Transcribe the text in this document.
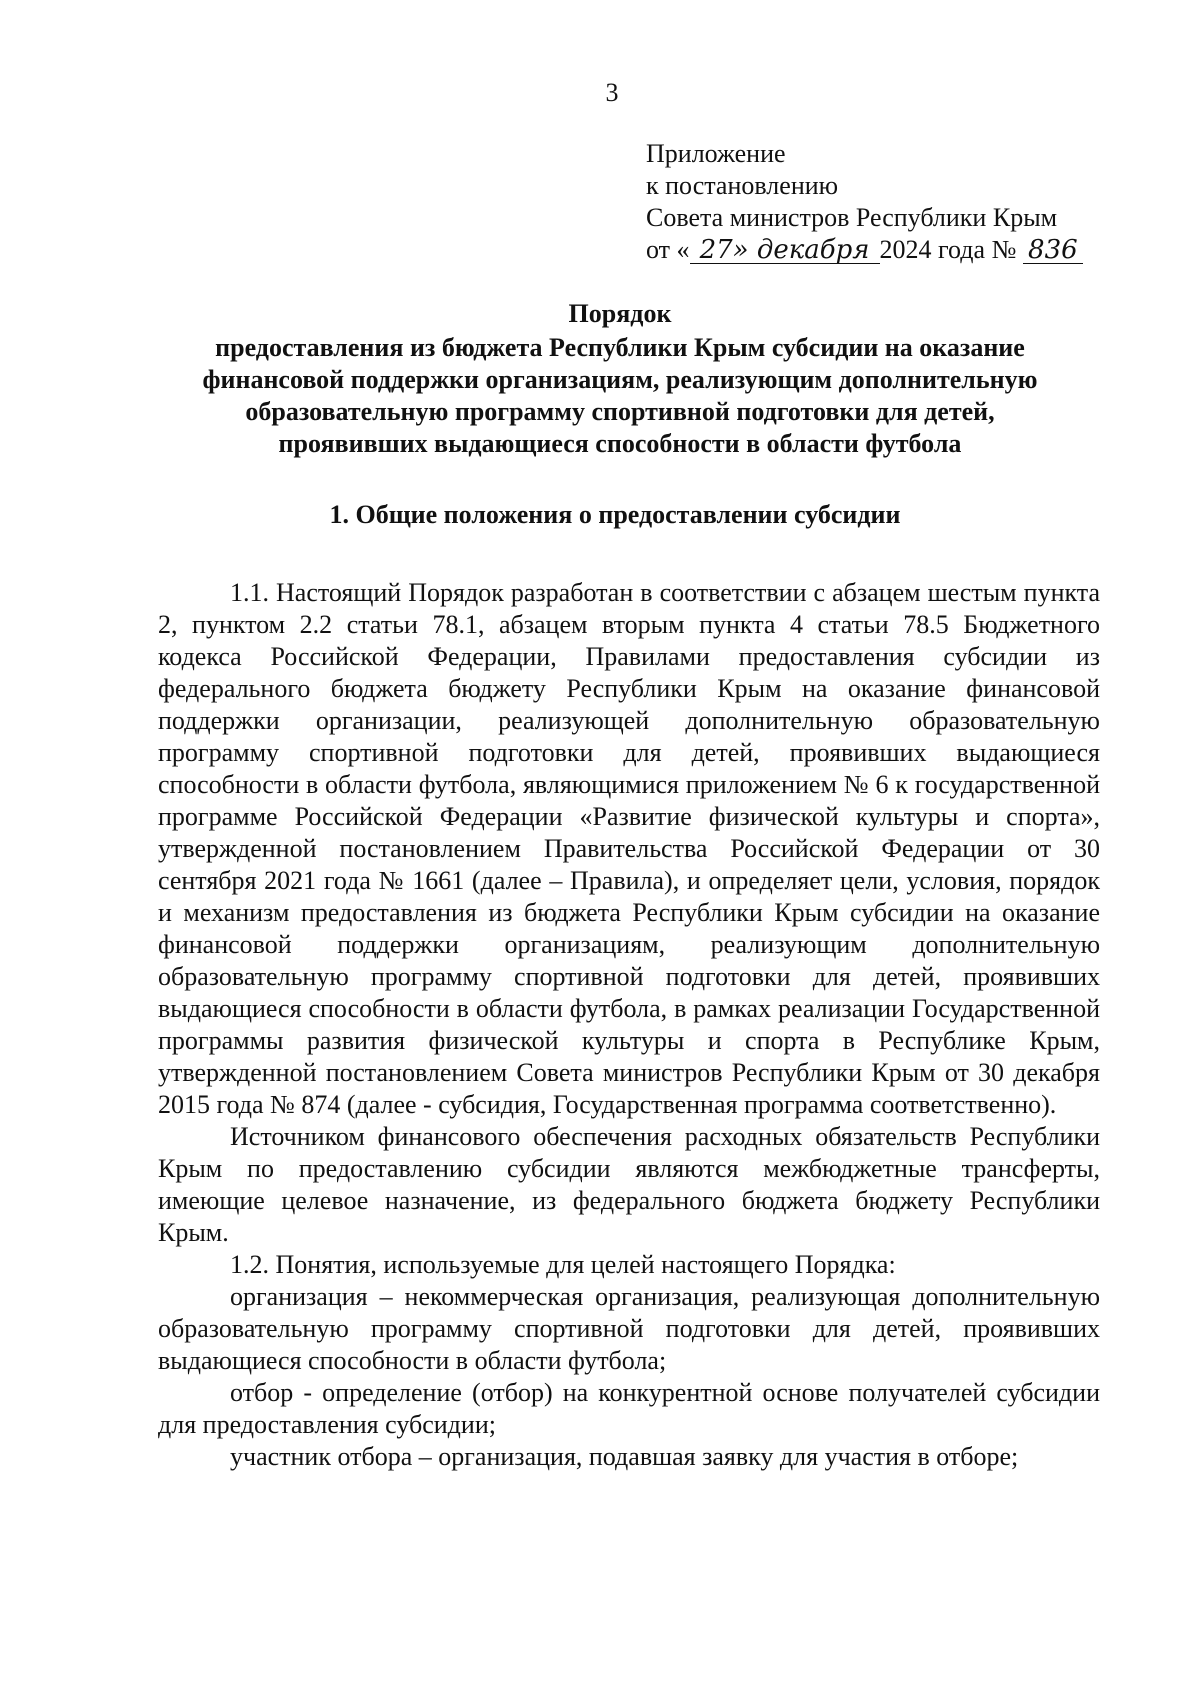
3
Приложение
к постановлению
Совета министров Республики Крым
от « 27» декабря 2024 года № 836
Порядок
предоставления из бюджета Республики Крым субсидии на оказание
финансовой поддержки организациям, реализующим дополнительную
образовательную программу спортивной подготовки для детей,
проявивших выдающиеся способности в области футбола
1. Общие положения о предоставлении субсидии

1.1. Настоящий Порядок разработан в соответствии с абзацем шестым пункта 2, пунктом 2.2 статьи 78.1, абзацем вторым пункта 4 статьи 78.5 Бюджетного кодекса Российской Федерации, Правилами предоставления субсидии из федерального бюджета бюджету Республики Крым на оказание финансовой поддержки организации, реализующей дополнительную образовательную программу спортивной подготовки для детей, проявивших выдающиеся способности в области футбола, являющимися приложением № 6 к государственной программе Российской Федерации «Развитие физической культуры и спорта», утвержденной постановлением Правительства Российской Федерации от 30 сентября 2021 года № 1661 (далее – Правила), и определяет цели, условия, порядок и механизм предоставления из бюджета Республики Крым субсидии на оказание финансовой поддержки организациям, реализующим дополнительную образовательную программу спортивной подготовки для детей, проявивших выдающиеся способности в области футбола, в рамках реализации Государственной программы развития физической культуры и спорта в Республике Крым, утвержденной постановлением Совета министров Республики Крым от 30 декабря 2015 года № 874 (далее - субсидия, Государственная программа соответственно).

Источником финансового обеспечения расходных обязательств Республики Крым по предоставлению субсидии являются межбюджетные трансферты, имеющие целевое назначение, из федерального бюджета бюджету Республики Крым.

1.2. Понятия, используемые для целей настоящего Порядка:

организация – некоммерческая организация, реализующая дополнительную образовательную программу спортивной подготовки для детей, проявивших выдающиеся способности в области футбола;

отбор - определение (отбор) на конкурентной основе получателей субсидии для предоставления субсидии;

участник отбора – организация, подавшая заявку для участия в отборе;
